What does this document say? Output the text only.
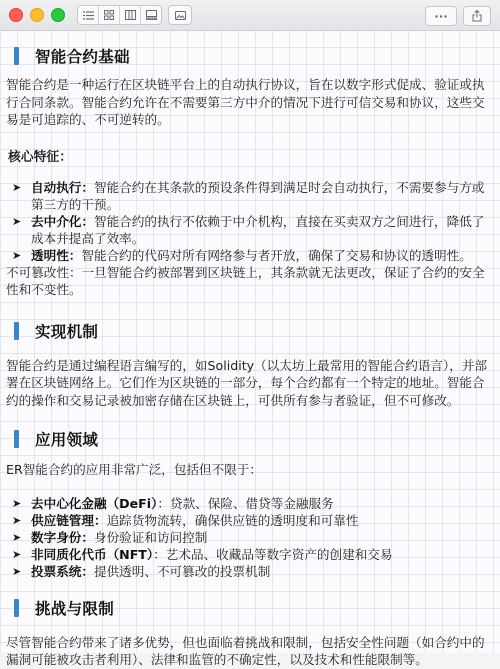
智能合约基础

智能合约是一种运行在区块链平台上的自动执行协议，旨在以数字形式促成、验证或执行合同条款。智能合约允许在不需要第三方中介的情况下进行可信交易和协议，这些交易是可追踪的、不可逆转的。

核心特征：
➤ 自动执行：智能合约在其条款的预设条件得到满足时会自动执行，不需要参与方或第三方的干预。
➤ 去中介化：智能合约的执行不依赖于中介机构，直接在买卖双方之间进行，降低了成本并提高了效率。
➤ 透明性：智能合约的代码对所有网络参与者开放，确保了交易和协议的透明性。

不可篡改性：一旦智能合约被部署到区块链上，其条款就无法更改，保证了合约的安全性和不变性。

实现机制

智能合约是通过编程语言编写的，如Solidity（以太坊上最常用的智能合约语言），并部署在区块链网络上。它们作为区块链的一部分，每个合约都有一个特定的地址。智能合约的操作和交易记录被加密存储在区块链上，可供所有参与者验证，但不可修改。

应用领域

ER智能合约的应用非常广泛，包括但不限于：

➤ 去中心化金融（DeFi）：贷款、保险、借贷等金融服务
➤ 供应链管理：追踪货物流转，确保供应链的透明度和可靠性
➤ 数字身份：身份验证和访问控制
➤ 非同质化代币（NFT）：艺术品、收藏品等数字资产的创建和交易
➤ 投票系统：提供透明、不可篡改的投票机制
挑战与限制

尽管智能合约带来了诸多优势，但也面临着挑战和限制，包括安全性问题（如合约中的漏洞可能被攻击者利用）、法律和监管的不确定性，以及技术和性能限制等。
